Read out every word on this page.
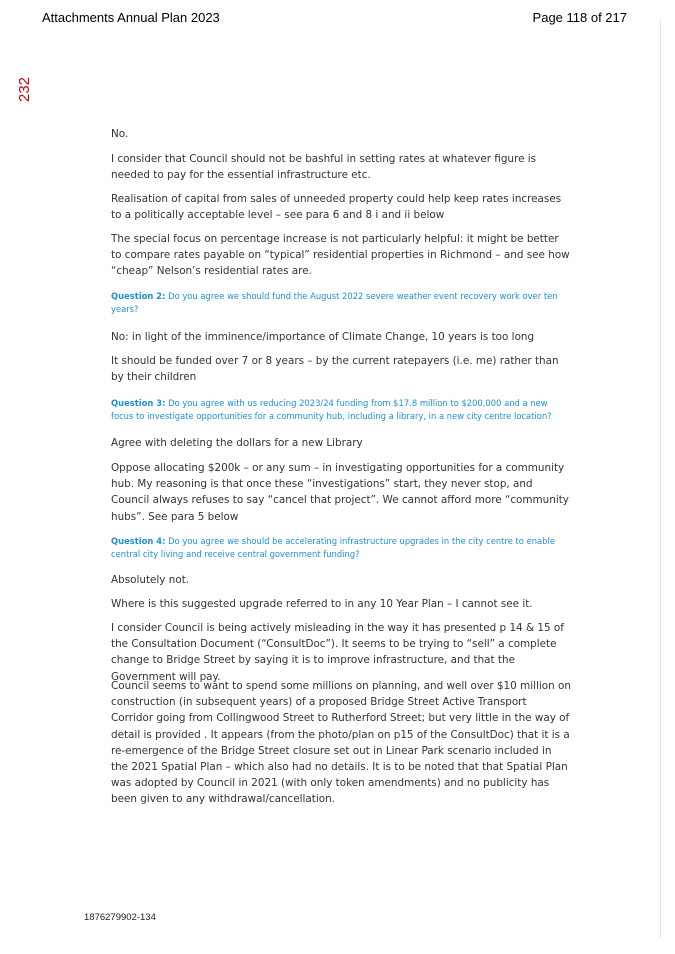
Attachments Annual Plan 2023	Page 118 of 217
232

No.

I consider that Council should not be bashful in setting rates at whatever figure is needed to pay for the essential infrastructure etc.

Realisation of capital from sales of unneeded property could help keep rates increases to a politically acceptable level – see para 6 and 8 i and ii below

The special focus on percentage increase is not particularly helpful: it might be better to compare rates payable on “typical” residential properties in Richmond – and see how “cheap” Nelson’s residential rates are.

Question 2: Do you agree we should fund the August 2022 severe weather event recovery work over ten years?

No: in light of the imminence/importance of Climate Change, 10 years is too long

It should be funded over 7 or 8 years – by the current ratepayers (i.e. me) rather than by their children

Question 3: Do you agree with us reducing 2023/24 funding from $17.8 million to $200,000 and a new focus to investigate opportunities for a community hub, including a library, in a new city centre location?

Agree with deleting the dollars for a new Library

Oppose allocating $200k – or any sum – in investigating opportunities for a community hub. My reasoning is that once these “investigations” start, they never stop, and Council always refuses to say “cancel that project”. We cannot afford more “community hubs”. See para 5 below

Question 4: Do you agree we should be accelerating infrastructure upgrades in the city centre to enable central city living and receive central government funding?

Absolutely not.

Where is this suggested upgrade referred to in any 10 Year Plan – I cannot see it.

I consider Council is being actively misleading in the way it has presented p 14 & 15 of the Consultation Document (“ConsultDoc”). It seems to be trying to “sell” a complete change to Bridge Street by saying it is to improve infrastructure, and that the Government will pay.

Council seems to want to spend some millions on planning, and well over $10 million on construction (in subsequent years) of a proposed Bridge Street Active Transport Corridor going from Collingwood Street to Rutherford Street; but very little in the way of detail is provided . It appears (from the photo/plan on p15 of the ConsultDoc) that it is a re-emergence of the Bridge Street closure set out in Linear Park scenario included in the 2021 Spatial Plan – which also had no details. It is to be noted that that Spatial Plan was adopted by Council in 2021 (with only token amendments) and no publicity has been given to any withdrawal/cancellation.

1876279902-134
